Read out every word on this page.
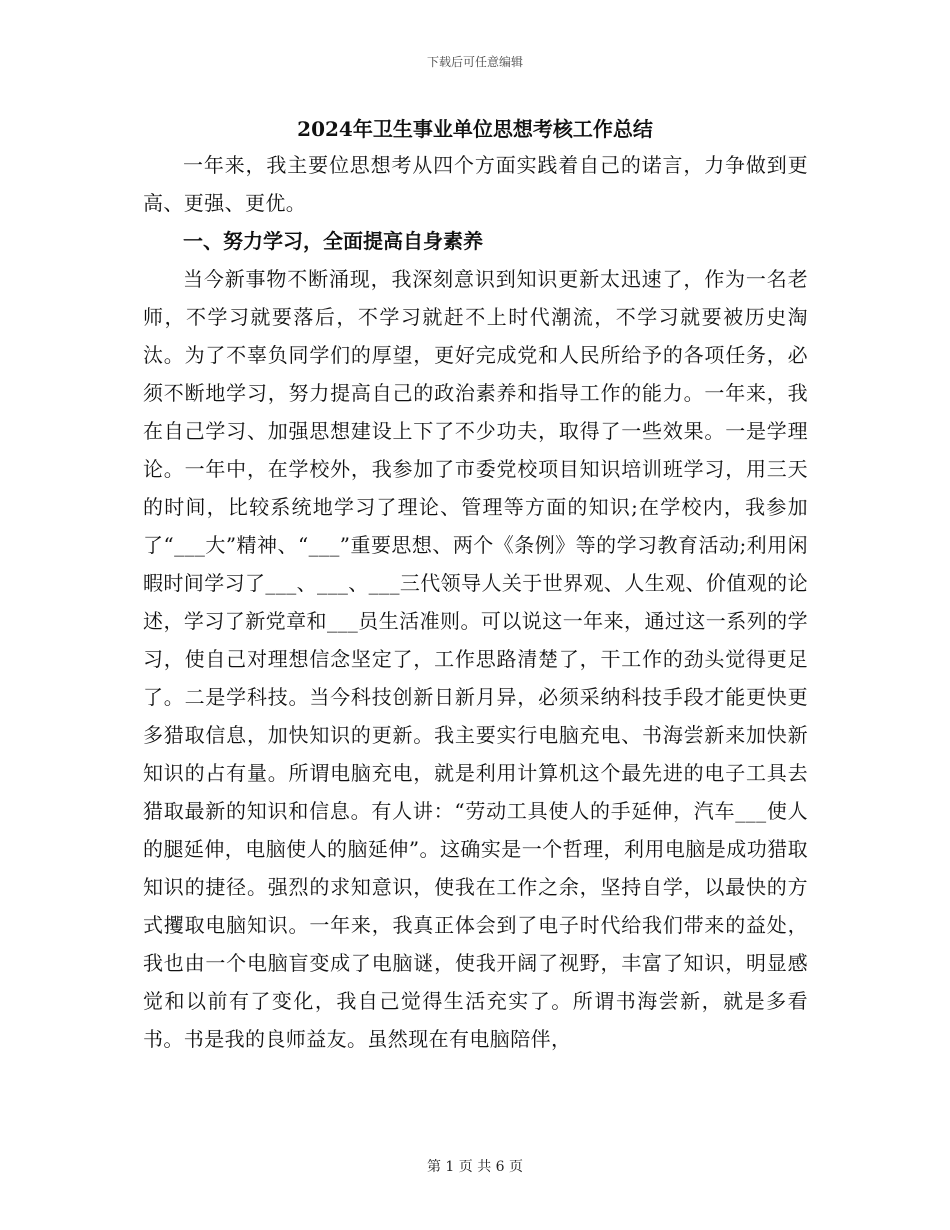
下载后可任意编辑
2024年卫生事业单位思想考核工作总结

一年来，我主要位思想考从四个方面实践着自己的诺言，力争做到更高、更强、更优。

一、努力学习，全面提高自身素养

当今新事物不断涌现，我深刻意识到知识更新太迅速了，作为一名老师，不学习就要落后，不学习就赶不上时代潮流，不学习就要被历史淘汰。为了不辜负同学们的厚望，更好完成党和人民所给予的各项任务，必须不断地学习，努力提高自己的政治素养和指导工作的能力。一年来，我在自己学习、加强思想建设上下了不少功夫，取得了一些效果。一是学理论。一年中，在学校外，我参加了市委党校项目知识培训班学习，用三天的时间，比较系统地学习了理论、管理等方面的知识;在学校内，我参加了“___大”精神、“___”重要思想、两个《条例》等的学习教育活动;利用闲暇时间学习了___、___、___三代领导人关于世界观、人生观、价值观的论述，学习了新党章和___员生活准则。可以说这一年来，通过这一系列的学习，使自己对理想信念坚定了，工作思路清楚了，干工作的劲头觉得更足了。二是学科技。当今科技创新日新月异，必须采纳科技手段才能更快更多猎取信息，加快知识的更新。我主要实行电脑充电、书海尝新来加快新知识的占有量。所谓电脑充电，就是利用计算机这个最先进的电子工具去猎取最新的知识和信息。有人讲：“劳动工具使人的手延伸，汽车___使人的腿延伸，电脑使人的脑延伸”。这确实是一个哲理，利用电脑是成功猎取知识的捷径。强烈的求知意识，使我在工作之余，坚持自学，以最快的方式攫取电脑知识。一年来，我真正体会到了电子时代给我们带来的益处，我也由一个电脑盲变成了电脑谜，使我开阔了视野，丰富了知识，明显感觉和以前有了变化，我自己觉得生活充实了。所谓书海尝新，就是多看书。书是我的良师益友。虽然现在有电脑陪伴，

第 1 页 共 6 页
